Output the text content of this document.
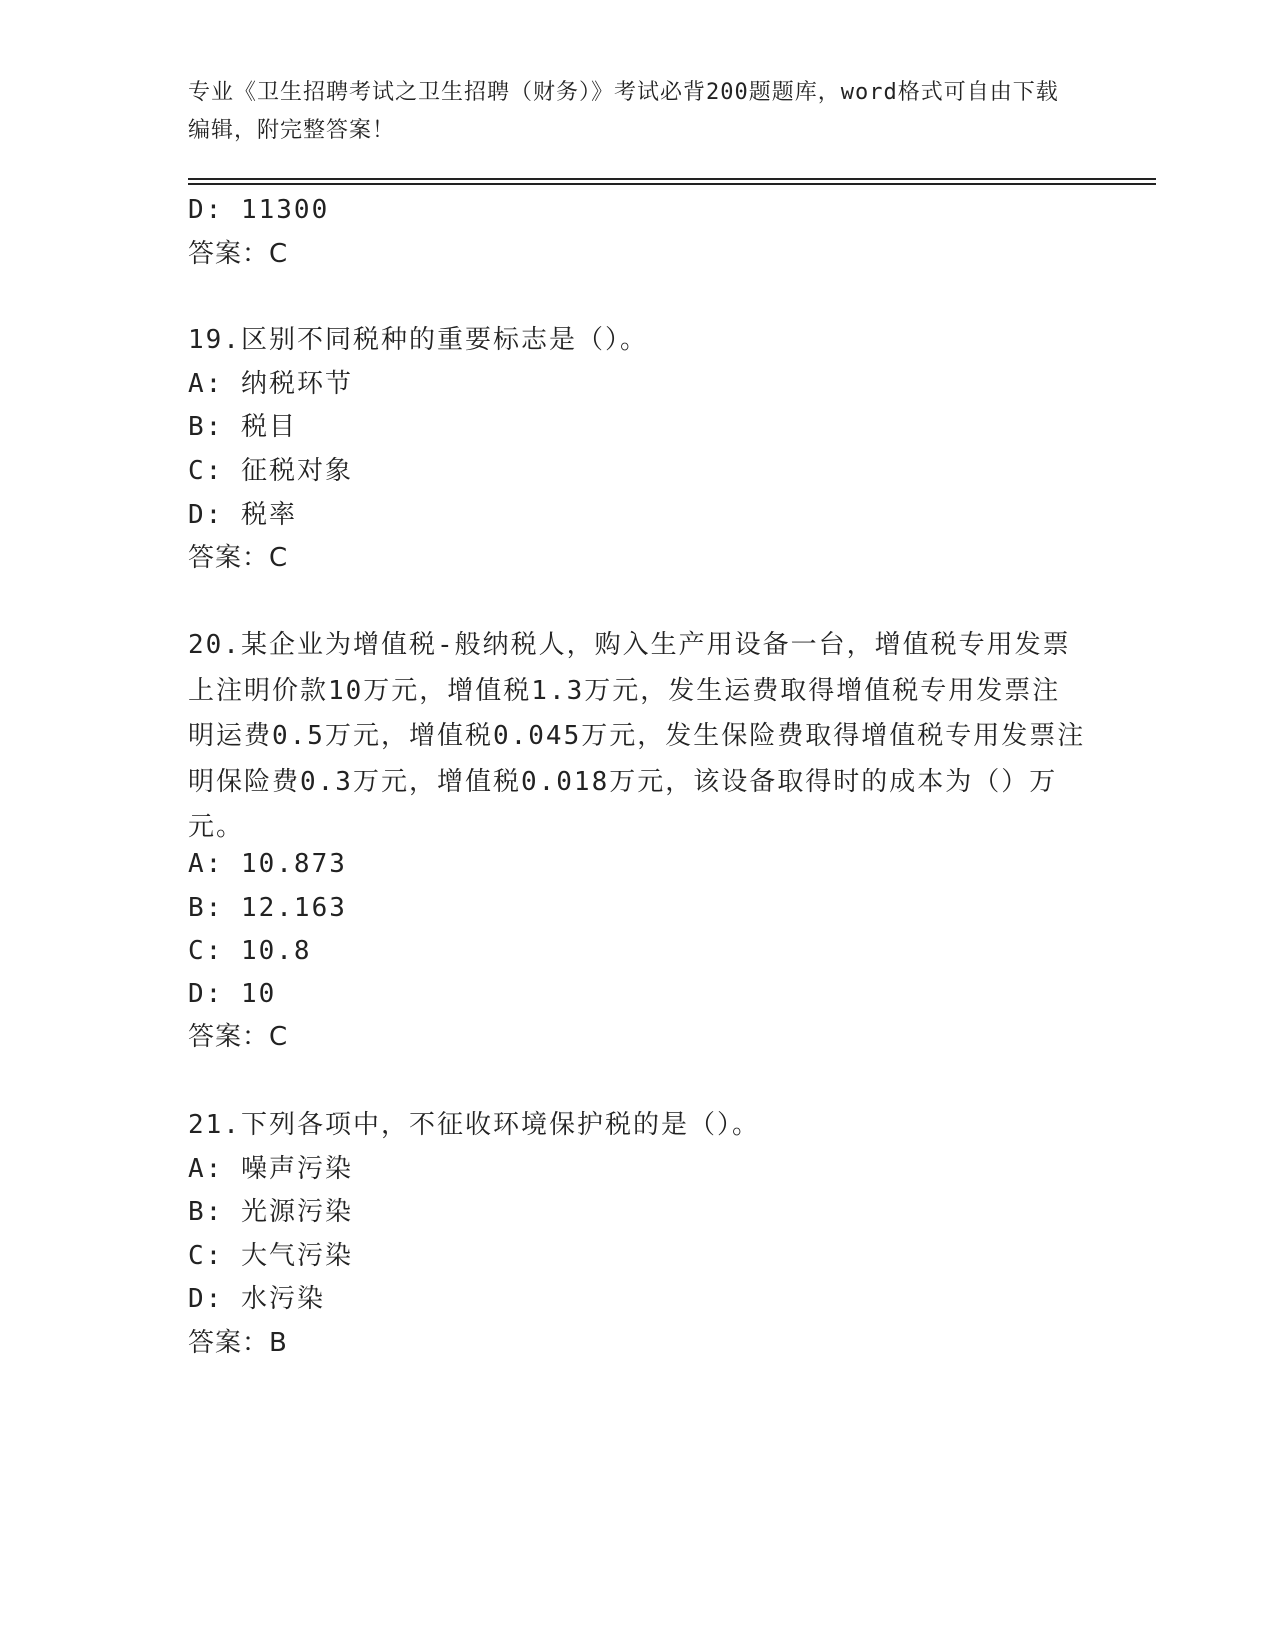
专业《卫生招聘考试之卫生招聘（财务）》考试必背200题题库，word格式可自由下载编辑，附完整答案！
D: 11300
答案：C
19.区别不同税种的重要标志是（）。
A: 纳税环节
B: 税目
C: 征税对象
D: 税率
答案：C
20.某企业为增值税-般纳税人，购入生产用设备一台，增值税专用发票上注明价款10万元，增值税1.3万元，发生运费取得增值税专用发票注明运费0.5万元，增值税0.045万元，发生保险费取得增值税专用发票注明保险费0.3万元，增值税0.018万元，该设备取得时的成本为（）万元。
A: 10.873
B: 12.163
C: 10.8
D: 10
答案：C
21.下列各项中，不征收环境保护税的是（）。
A: 噪声污染
B: 光源污染
C: 大气污染
D: 水污染
答案：B
